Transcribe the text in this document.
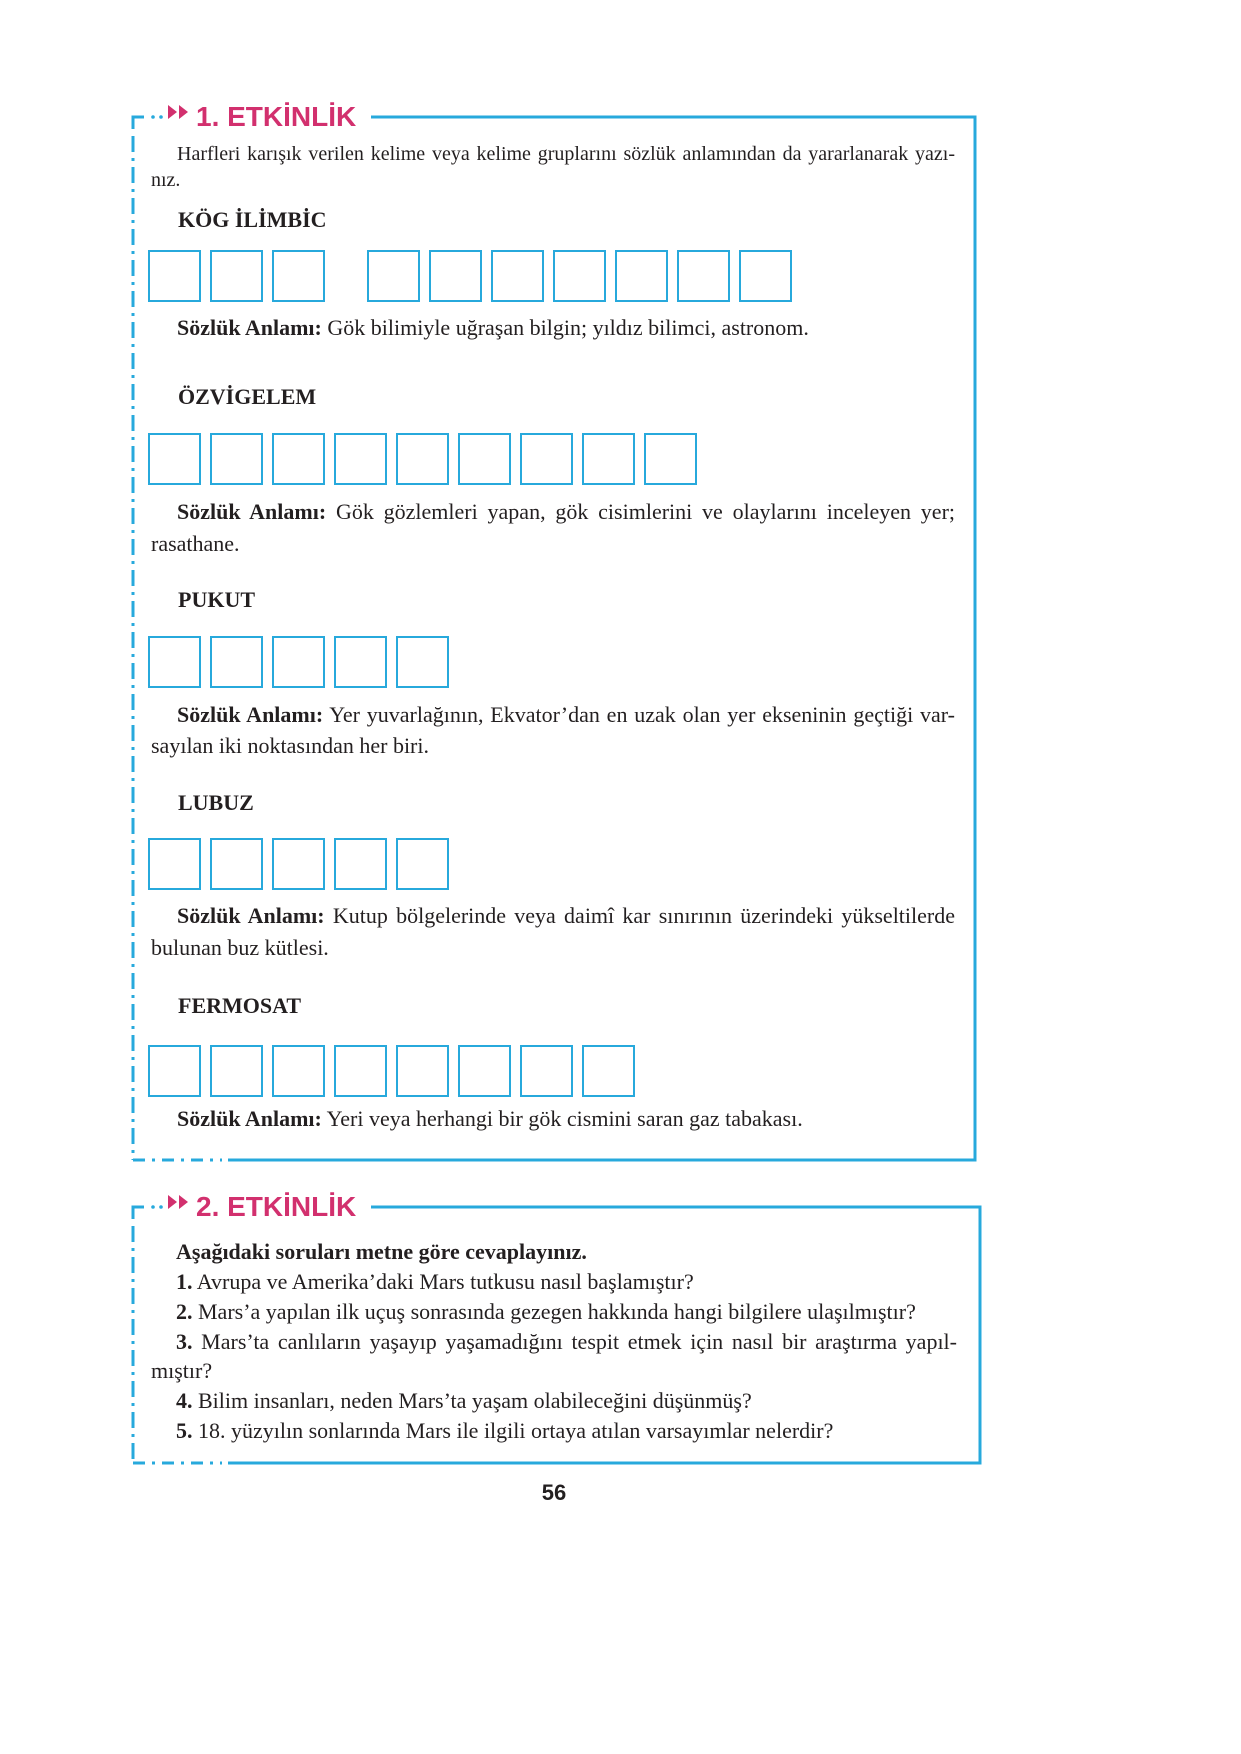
1. ETKİNLİK
Harfleri karışık verilen kelime veya kelime gruplarını sözlük anlamından da yararlanarak yazı-
nız.
KÖG İLİMBİC
Sözlük Anlamı: Gök bilimiyle uğraşan bilgin; yıldız bilimci, astronom.
ÖZVİGELEM
Sözlük Anlamı: Gök gözlemleri yapan, gök cisimlerini ve olaylarını inceleyen yer;
rasathane.
PUKUT
Sözlük Anlamı: Yer yuvarlağının, Ekvator’dan en uzak olan yer ekseninin geçtiği var-
sayılan iki noktasından her biri.
LUBUZ
Sözlük Anlamı: Kutup bölgelerinde veya daimî kar sınırının üzerindeki yükseltilerde
bulunan buz kütlesi.
FERMOSAT
Sözlük Anlamı: Yeri veya herhangi bir gök cismini saran gaz tabakası.
2. ETKİNLİK
Aşağıdaki soruları metne göre cevaplayınız.
1. Avrupa ve Amerika’daki Mars tutkusu nasıl başlamıştır?
2. Mars’a yapılan ilk uçuş sonrasında gezegen hakkında hangi bilgilere ulaşılmıştır?
3. Mars’ta canlıların yaşayıp yaşamadığını tespit etmek için nasıl bir araştırma yapıl-
mıştır?
4. Bilim insanları, neden Mars’ta yaşam olabileceğini düşünmüş?
5. 18. yüzyılın sonlarında Mars ile ilgili ortaya atılan varsayımlar nelerdir?
56
